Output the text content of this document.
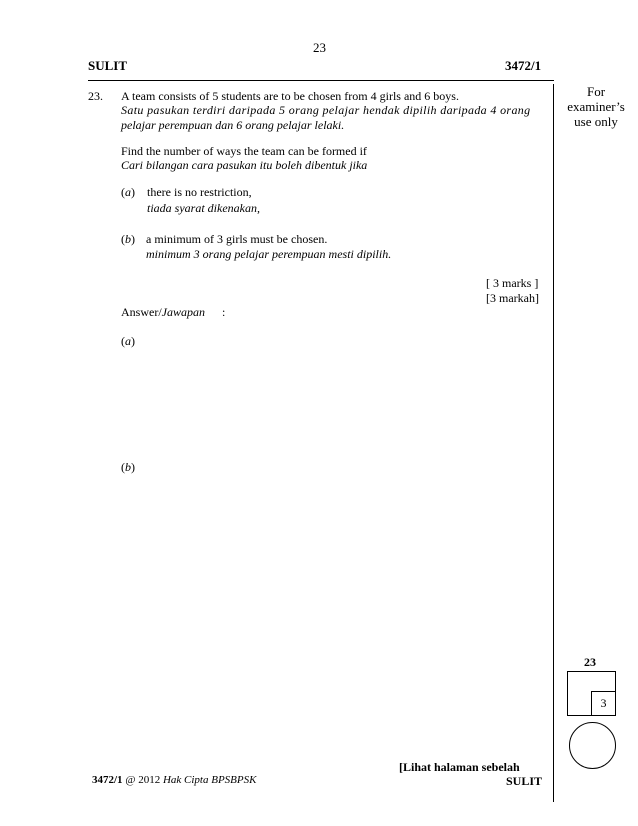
23
SULIT	3472/1
For
examiner’s
use only
23. A team consists of 5 students are to be chosen from 4 girls and 6 boys.
Satu pasukan terdiri daripada 5 orang pelajar hendak dipilih daripada 4 orang
pelajar perempuan dan 6 orang pelajar lelaki.
Find the number of ways the team can be formed if
Cari bilangan cara pasukan itu boleh dibentuk jika
(a) there is no restriction,
tiada syarat dikenakan,
(b) a minimum of 3 girls must be chosen.
minimum 3 orang pelajar perempuan mesti dipilih.
[ 3 marks ]
[3 markah]
Answer/Jawapan :
(a)
(b)
23
3
3472/1 @ 2012 Hak Cipta BPSBPSK
[Lihat halaman sebelah
SULIT
